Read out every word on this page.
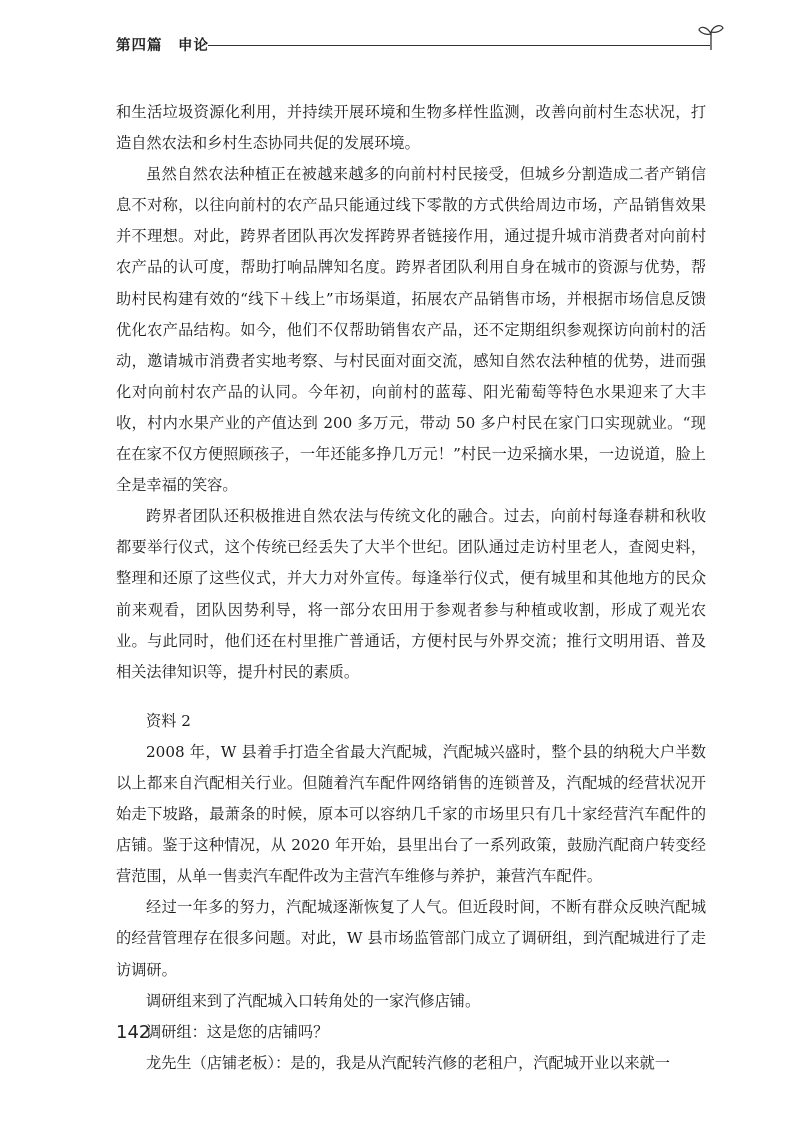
第四篇　申论

和生活垃圾资源化利用，并持续开展环境和生物多样性监测，改善向前村生态状况，打造自然农法和乡村生态协同共促的发展环境。

虽然自然农法种植正在被越来越多的向前村村民接受，但城乡分割造成二者产销信息不对称，以往向前村的农产品只能通过线下零散的方式供给周边市场，产品销售效果并不理想。对此，跨界者团队再次发挥跨界者链接作用，通过提升城市消费者对向前村农产品的认可度，帮助打响品牌知名度。跨界者团队利用自身在城市的资源与优势，帮助村民构建有效的“线下＋线上”市场渠道，拓展农产品销售市场，并根据市场信息反馈优化农产品结构。如今，他们不仅帮助销售农产品，还不定期组织参观探访向前村的活动，邀请城市消费者实地考察、与村民面对面交流，感知自然农法种植的优势，进而强化对向前村农产品的认同。今年初，向前村的蓝莓、阳光葡萄等特色水果迎来了大丰收，村内水果产业的产值达到 200 多万元，带动 50 多户村民在家门口实现就业。“现在在家不仅方便照顾孩子，一年还能多挣几万元！”村民一边采摘水果，一边说道，脸上全是幸福的笑容。

跨界者团队还积极推进自然农法与传统文化的融合。过去，向前村每逢春耕和秋收都要举行仪式，这个传统已经丢失了大半个世纪。团队通过走访村里老人，查阅史料，整理和还原了这些仪式，并大力对外宣传。每逢举行仪式，便有城里和其他地方的民众前来观看，团队因势利导，将一部分农田用于参观者参与种植或收割，形成了观光农业。与此同时，他们还在村里推广普通话，方便村民与外界交流；推行文明用语、普及相关法律知识等，提升村民的素质。

资料 2

2008 年，W 县着手打造全省最大汽配城，汽配城兴盛时，整个县的纳税大户半数以上都来自汽配相关行业。但随着汽车配件网络销售的连锁普及，汽配城的经营状况开始走下坡路，最萧条的时候，原本可以容纳几千家的市场里只有几十家经营汽车配件的店铺。鉴于这种情况，从 2020 年开始，县里出台了一系列政策，鼓励汽配商户转变经营范围，从单一售卖汽车配件改为主营汽车维修与养护，兼营汽车配件。

经过一年多的努力，汽配城逐渐恢复了人气。但近段时间，不断有群众反映汽配城的经营管理存在很多问题。对此，W 县市场监管部门成立了调研组，到汽配城进行了走访调研。

调研组来到了汽配城入口转角处的一家汽修店铺。

调研组：这是您的店铺吗？

龙先生（店铺老板）：是的，我是从汽配转汽修的老租户，汽配城开业以来就一

142
